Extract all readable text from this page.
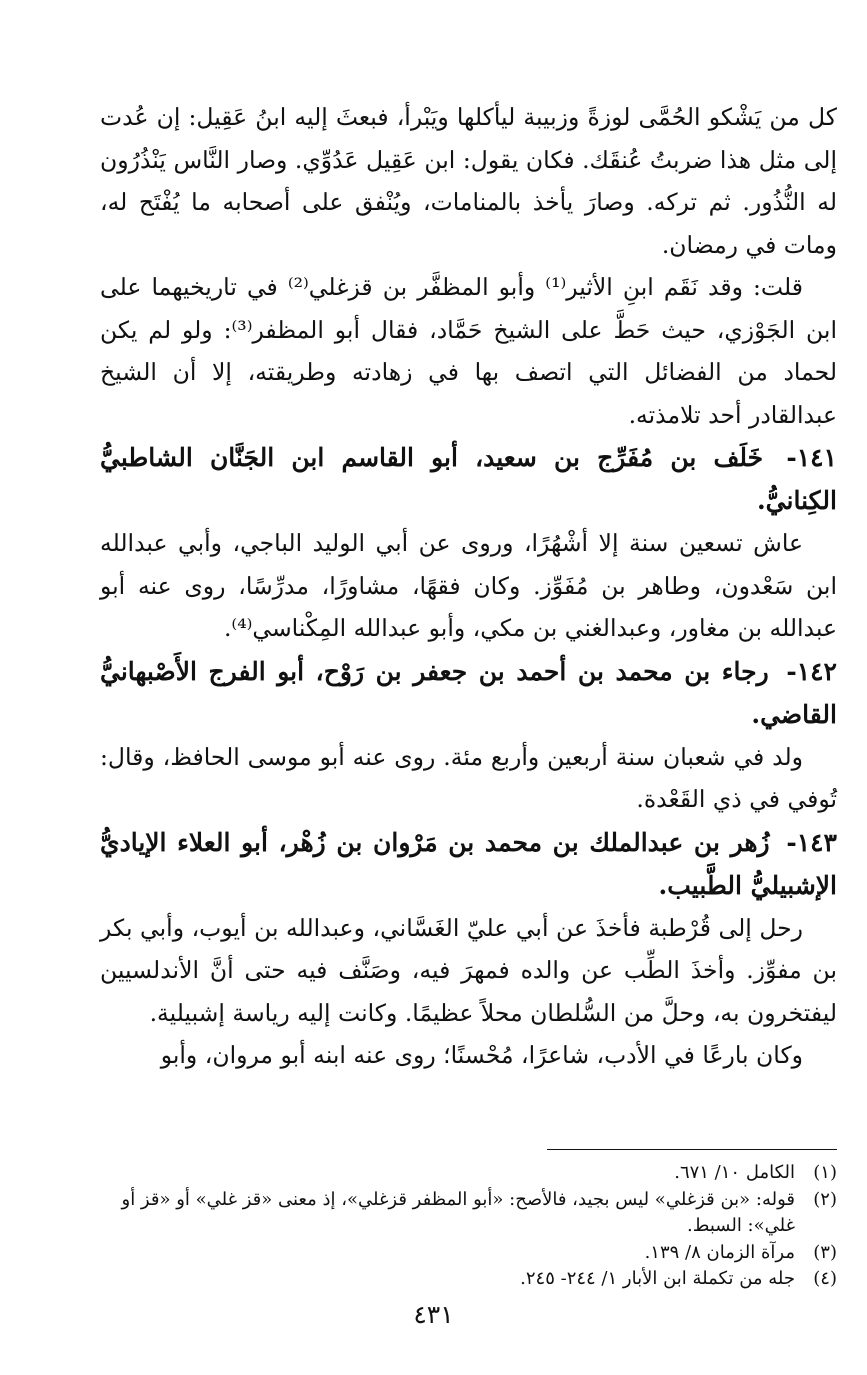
كل من يَشْكو الحُمَّى لوزةً وزبيبة ليأكلها ويَبْرأ، فبعثَ إليه ابنُ عَقِيل: إن عُدت إلى مثل هذا ضربتُ عُنقَك. فكان يقول: ابن عَقِيل عَدُوِّي. وصار النَّاس يَنْذُرُون له النُّذُور. ثم تركه. وصارَ يأخذ بالمنامات، ويُنْفق على أصحابه ما يُفْتَح له، ومات في رمضان.

قلت: وقد نَقَم ابنِ الأثير⁽¹⁾ وأبو المظفَّر بن قزغلي⁽²⁾ في تاريخيهما على ابن الجَوْزي، حيث حَطَّ على الشيخ حَمَّاد، فقال أبو المظفر⁽³⁾: ولو لم يكن لحماد من الفضائل التي اتصف بها في زهادته وطريقته، إلا أن الشيخ عبدالقادر أحد تلامذته.

١٤١- خَلَف بن مُفَرِّج بن سعيد، أبو القاسم ابن الجَنَّان الشاطبيُّ الكِنانيُّ.

عاش تسعين سنة إلا أشْهُرًا، وروى عن أبي الوليد الباجي، وأبي عبدالله ابن سَعْدون، وطاهر بن مُفَوِّز. وكان فقهًا، مشاورًا، مدرِّسًا، روى عنه أبو عبدالله بن مغاور، وعبدالغني بن مكي، وأبو عبدالله المِكْناسي⁽⁴⁾.

١٤٢- رجاء بن محمد بن أحمد بن جعفر بن رَوْح، أبو الفرج الأَصْبهانيُّ القاضي.

ولد في شعبان سنة أربعين وأربع مئة. روى عنه أبو موسى الحافظ، وقال: تُوفي في ذي القَعْدة.

١٤٣- زُهر بن عبدالملك بن محمد بن مَرْوان بن زُهْر، أبو العلاء الإياديُّ الإشبيليُّ الطَّبيب.

رحل إلى قُرْطبة فأخذَ عن أبي عليّ الغَسَّاني، وعبدالله بن أيوب، وأبي بكر بن مفوِّز. وأخذَ الطِّب عن والده فمهرَ فيه، وصَنَّف فيه حتى أنَّ الأندلسيين ليفتخرون به، وحلَّ من السُّلطان محلاً عظيمًا. وكانت إليه رياسة إشبيلية.

وكان بارعًا في الأدب، شاعرًا، مُحْسنًا؛ روى عنه ابنه أبو مروان، وأبو

(١)
الكامل ١٠/ ٦٧١.
(٢)
قوله: «بن قزغلي» ليس بجيد، فالأصح: «أبو المظفر قزغلي»، إذ معنى «قز غلي» أو «قز أو غلي»: السبط.
(٣)
مرآة الزمان ٨/ ١٣٩.
(٤)
جله من تكملة ابن الأبار ١/ ٢٤٤- ٢٤٥.
٤٣١
